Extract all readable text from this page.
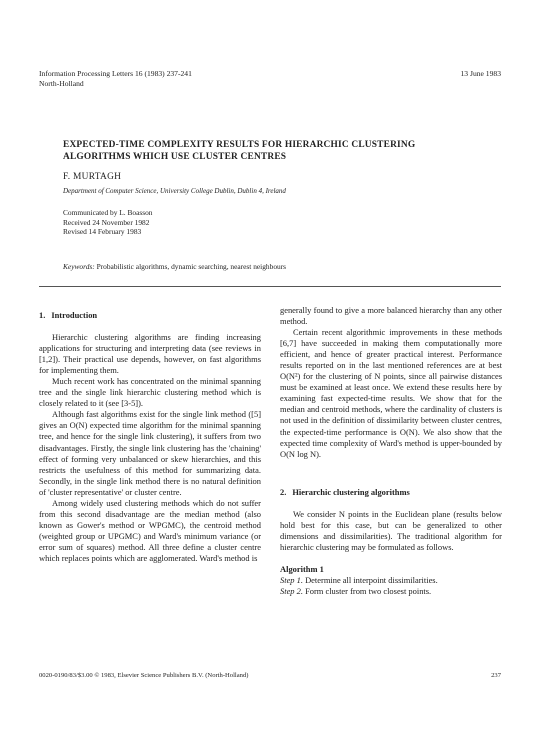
Information Processing Letters 16 (1983) 237-241
North-Holland
13 June 1983
EXPECTED-TIME COMPLEXITY RESULTS FOR HIERARCHIC CLUSTERING
ALGORITHMS WHICH USE CLUSTER CENTRES
F. MURTAGH
Department of Computer Science, University College Dublin, Dublin 4, Ireland
Communicated by L. Boasson
Received 24 November 1982
Revised 14 February 1983
Keywords: Probabilistic algorithms, dynamic searching, nearest neighbours
1. Introduction

Hierarchic clustering algorithms are finding increasing applications for structuring and interpreting data (see reviews in [1,2]). Their practical use depends, however, on fast algorithms for implementing them.

Much recent work has concentrated on the minimal spanning tree and the single link hierarchic clustering method which is closely related to it (see [3-5]).

Although fast algorithms exist for the single link method ([5] gives an O(N) expected time algorithm for the minimal spanning tree, and hence for the single link clustering), it suffers from two disadvantages. Firstly, the single link clustering has the 'chaining' effect of forming very unbalanced or skew hierarchies, and this restricts the usefulness of this method for summarizing data. Secondly, in the single link method there is no natural definition of 'cluster representative' or cluster centre.

Among widely used clustering methods which do not suffer from this second disadvantage are the median method (also known as Gower's method or WPGMC), the centroid method (weighted group or UPGMC) and Ward's minimum variance (or error sum of squares) method. All three define a cluster centre which replaces points which are agglomerated. Ward's method is

generally found to give a more balanced hierarchy than any other method.

Certain recent algorithmic improvements in these methods [6,7] have succeeded in making them computationally more efficient, and hence of greater practical interest. Performance results reported on in the last mentioned references are at best O(N²) for the clustering of N points, since all pairwise distances must be examined at least once. We extend these results here by examining fast expected-time results. We show that for the median and centroid methods, where the cardinality of clusters is not used in the definition of dissimilarity between cluster centres, the expected-time performance is O(N). We also show that the expected time complexity of Ward's method is upper-bounded by O(N log N).

2. Hierarchic clustering algorithms

We consider N points in the Euclidean plane (results below hold best for this case, but can be generalized to other dimensions and dissimilarities). The traditional algorithm for hierarchic clustering may be formulated as follows.

Algorithm 1
Step 1. Determine all interpoint dissimilarities.
Step 2. Form cluster from two closest points.
0020-0190/83/$3.00 © 1983, Elsevier Science Publishers B.V. (North-Holland)	237
